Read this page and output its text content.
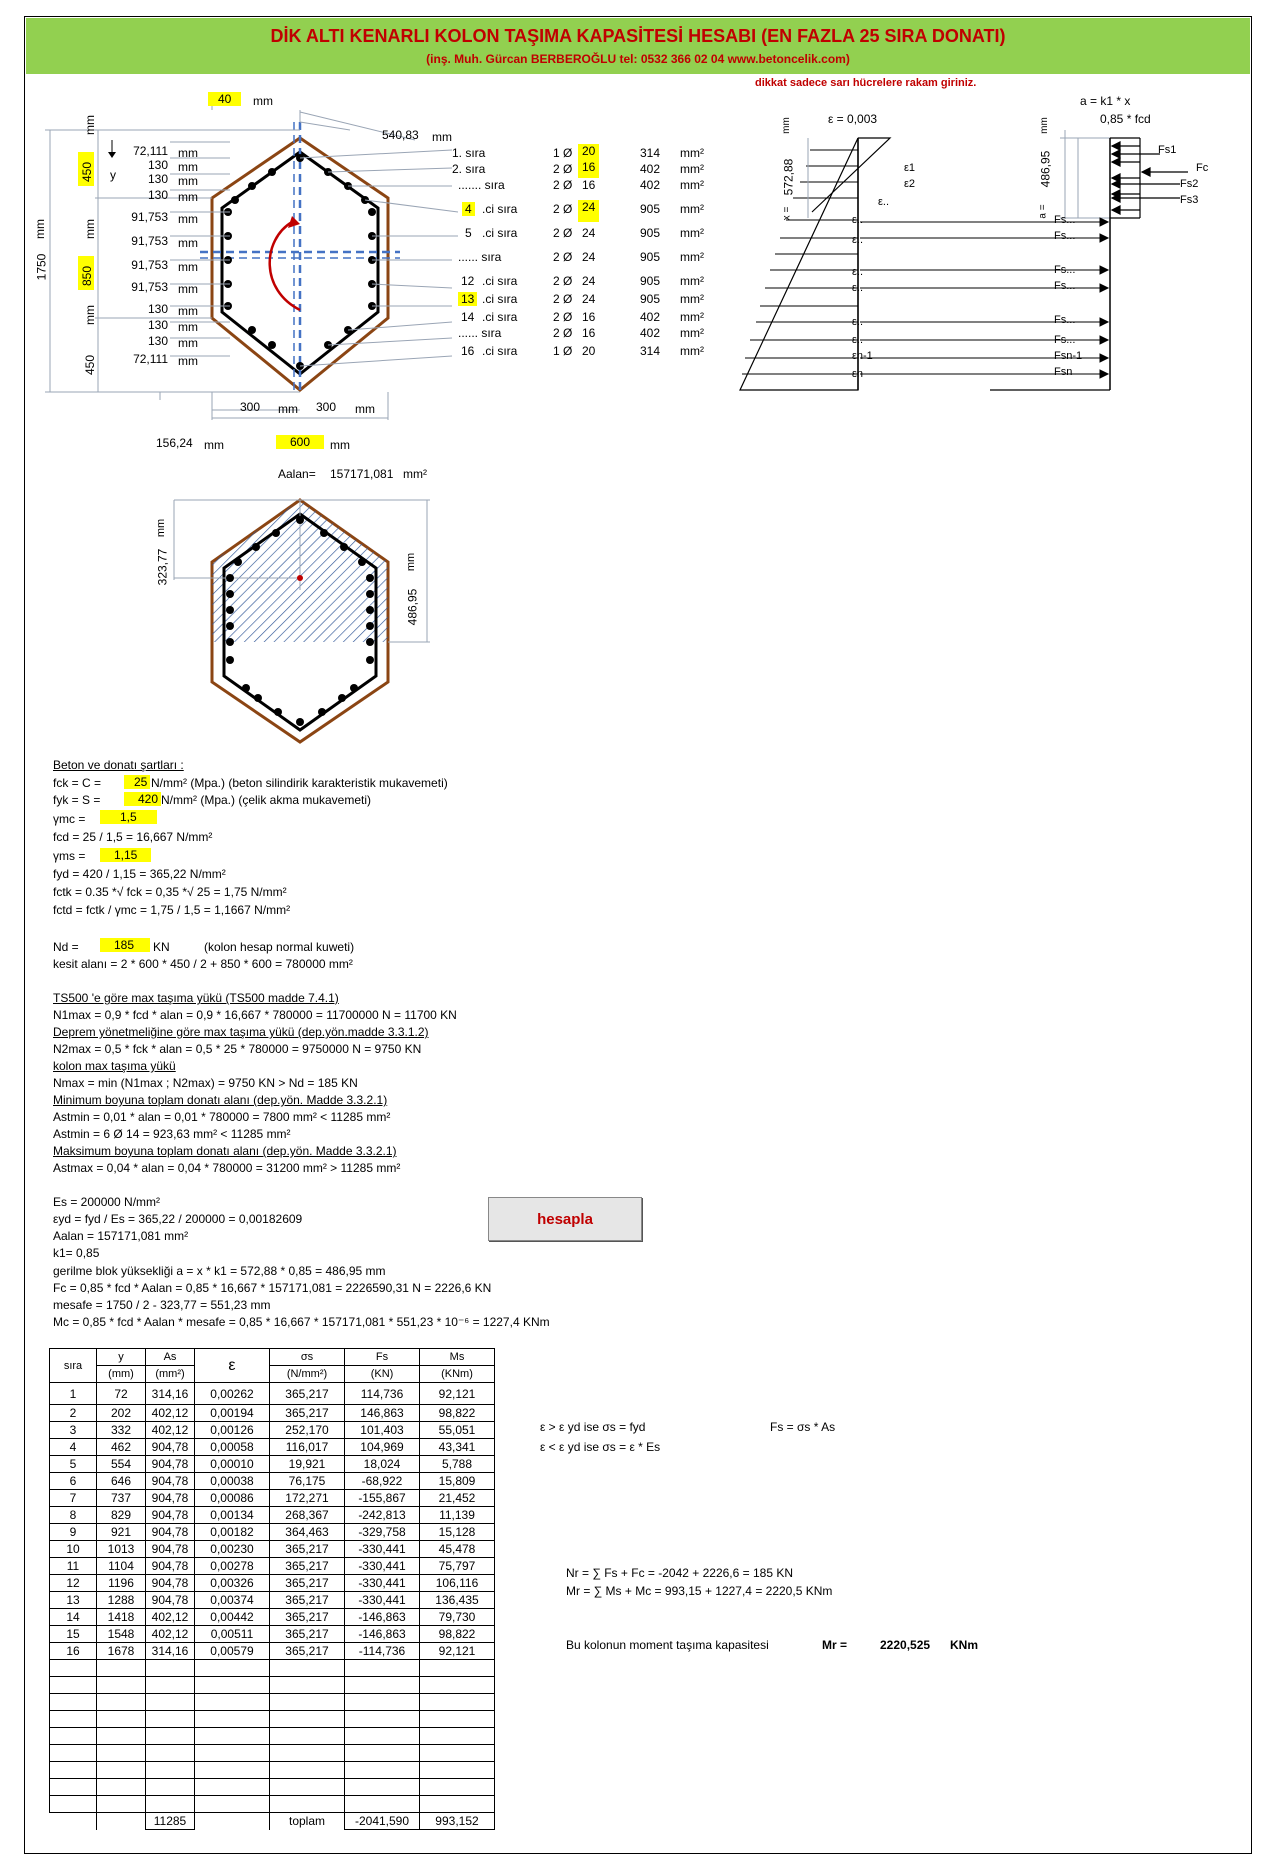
DİK ALTI KENARLI KOLON TAŞIMA KAPASİTESİ HESABI (EN FAZLA 25 SIRA DONATI)
(inş. Muh. Gürcan BERBEROĞLU tel: 0532 366 02 04 www.betoncelik.com)
dikkat sadece sarı hücrelere rakam giriniz.
40	mm
540,83 mm
450
mm
y
850
mm
mm
1750
mm
450
72,111 mm
130 mm
130 mm
130 mm
91,753 mm
91,753 mm
91,753 mm
91,753 mm
130 mm
130 mm
130 mm
72,111 mm
300 mm 300 mm
156,24 mm	600	mm
1. sıra	1 Ø 20	314 mm²
2. sıra	2 Ø 16	402 mm²
....... sıra	2 Ø 16	402 mm²
4 .ci sıra	2 Ø 24	905 mm²
5 .ci sıra	2 Ø 24	905 mm²
...... sıra	2 Ø 24	905 mm²
12 .ci sıra	2 Ø 24	905 mm²
13 .ci sıra	2 Ø 24	905 mm²
14 .ci sıra	2 Ø 16	402 mm²
...... sıra	2 Ø 16	402 mm²
16 .ci sıra	1 Ø 20	314 mm²
ε = 0,003
a = k1 * x
0,85 * fcd
572,88
x =
mm
486,95
a =
mm
ε1
ε2
ε..
ε..
ε..
ε..
ε..
ε..
ε..
εn-1
εn
Fs1
Fc
Fs2
Fs3
Fs...
Fs...
Fs...
Fs...
Fs...
Fs...
Fsn-1
Fsn
Aalan= 157171,081 mm²
323,77
mm
486,95
mm
Beton ve donatı şartları :
fck = C =	25 N/mm² (Mpa.) (beton silindirik karakteristik mukavemeti)
fyk = S =	420 N/mm² (Mpa.) (çelik akma mukavemeti)
γmc =	1,5
fcd = 25 / 1,5 = 16,667 N/mm²
γms =	1,15
fyd = 420 / 1,15 = 365,22 N/mm²
fctk = 0.35 *√ fck = 0,35 *√ 25 = 1,75 N/mm²
fctd = fctk / γmc = 1,75 / 1,5 = 1,1667 N/mm²
Nd =	185	KN	(kolon hesap normal kuweti)
kesit alanı = 2 * 600 * 450 / 2 + 850 * 600 = 780000 mm²
TS500 'e göre max taşıma yükü (TS500 madde 7.4.1)
N1max = 0,9 * fcd * alan = 0,9 * 16,667 * 780000 = 11700000 N = 11700 KN
Deprem yönetmeliğine göre max taşıma yükü (dep.yön.madde 3.3.1.2)
N2max = 0,5 * fck * alan = 0,5 * 25 * 780000 = 9750000 N = 9750 KN
kolon max taşıma yükü
Nmax = min (N1max ; N2max) = 9750 KN > Nd = 185 KN
Minimum boyuna toplam donatı alanı (dep.yön. Madde 3.3.2.1)
Astmin = 0,01 * alan = 0,01 * 780000 = 7800 mm² < 11285 mm²
Astmin = 6 Ø 14 = 923,63 mm² < 11285 mm²
Maksimum boyuna toplam donatı alanı (dep.yön. Madde 3.3.2.1)
Astmax = 0,04 * alan = 0,04 * 780000 = 31200 mm² > 11285 mm²
Es = 200000 N/mm²
εyd = fyd / Es = 365,22 / 200000 = 0,00182609
Aalan = 157171,081 mm²
k1= 0,85
gerilme blok yüksekliği a = x * k1 = 572,88 * 0,85 = 486,95 mm
Fc = 0,85 * fcd * Aalan = 0,85 * 16,667 * 157171,081 = 2226590,31 N = 2226,6 KN
mesafe = 1750 / 2 - 323,77 = 551,23 mm
Mc = 0,85 * fcd * Aalan * mesafe = 0,85 * 16,667 * 157171,081 * 551,23 * 10⁻⁶ = 1227,4 KNm
hesapla
sıra	y	As	ε	σs	Fs	Ms
	(mm)	(mm²)		(N/mm²)	(KN)	(KNm)
1	72	314,16	0,00262	365,217	114,736	92,121
2	202	402,12	0,00194	365,217	146,863	98,822
3	332	402,12	0,00126	252,170	101,403	55,051
4	462	904,78	0,00058	116,017	104,969	43,341
5	554	904,78	0,00010	19,921	18,024	5,788
6	646	904,78	0,00038	76,175	-68,922	15,809
7	737	904,78	0,00086	172,271	-155,867	21,452
8	829	904,78	0,00134	268,367	-242,813	11,139
9	921	904,78	0,00182	364,463	-329,758	15,128
10	1013	904,78	0,00230	365,217	-330,441	45,478
11	1104	904,78	0,00278	365,217	-330,441	75,797
12	1196	904,78	0,00326	365,217	-330,441	106,116
13	1288	904,78	0,00374	365,217	-330,441	136,435
14	1418	402,12	0,00442	365,217	-146,863	79,730
15	1548	402,12	0,00511	365,217	-146,863	98,822
16	1678	314,16	0,00579	365,217	-114,736	92,121

		11285		toplam	-2041,590	993,152
ε > ε yd ise σs = fyd
ε < ε yd ise σs = ε * Es
Fs = σs * As
Nr = ∑ Fs + Fc = -2042 + 2226,6 = 185 KN
Mr = ∑ Ms + Mc = 993,15 + 1227,4 = 2220,5 KNm
Bu kolonun moment taşıma kapasitesi	Mr =	2220,525 KNm
